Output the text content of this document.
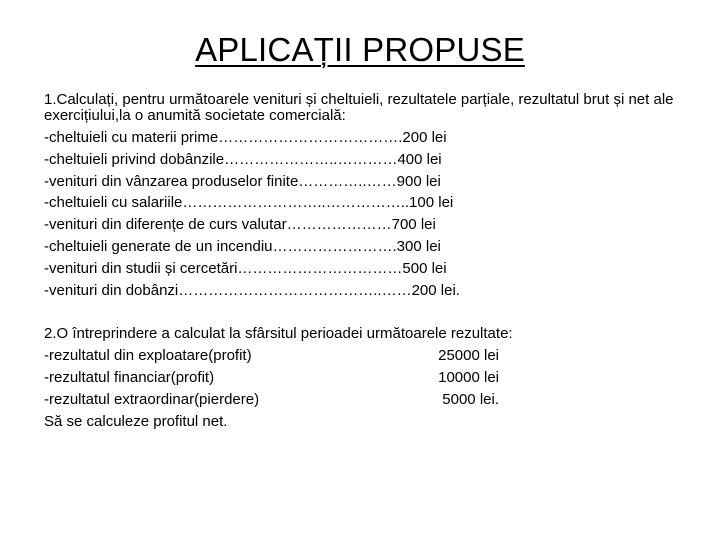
APLICAȚII PROPUSE
1.Calculați, pentru următoarele venituri și cheltuieli, rezultatele parțiale, rezultatul brut și net ale exercițiului,la o anumită societate comercială:
-cheltuieli cu materii prime……………………………….200 lei
-cheltuieli privind dobânzile…………………..…………400 lei
-venituri din vânzarea produselor finite…………..……900 lei
-cheltuieli cu salariile………………………..……………..100 lei
-venituri din diferențe de curs valutar…………………700 lei
-cheltuieli generate de un incendiu…………………….300 lei
-venituri din studii și cercetări……………………………500 lei
-venituri din dobânzi…………………………………..……200 lei.
2.O întreprindere a calculat la sfârsitul perioadei următoarele rezultate:
-rezultatul din exploatare(profit)	25000 lei
-rezultatul financiar(profit)	10000 lei
-rezultatul extraordinar(pierdere)	5000 lei.
Să se calculeze profitul net.
